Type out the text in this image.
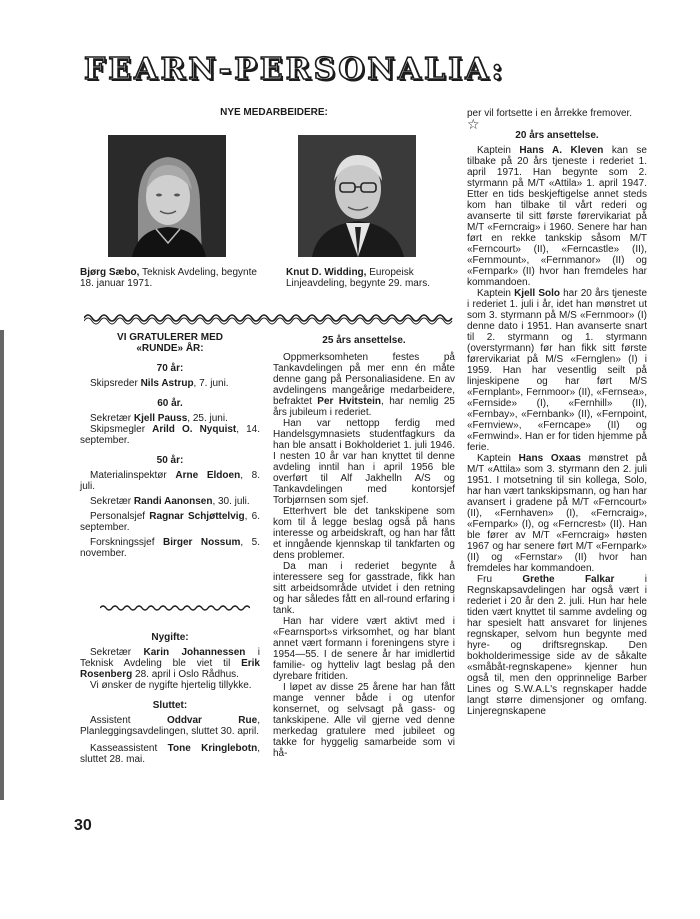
FEARN-PERSONALIA:
NYE MEDARBEIDERE:
Bjørg Sæbo, Teknisk Avdeling, begynte 18. januar 1971.
Knut D. Widding, Europeisk Linjeavdeling, begynte 29. mars.

VI GRATULERER MED

«RUNDE» ÅR:

70 år:

Skipsreder Nils Astrup, 7. juni.

60 år.

Sekretær Kjell Pauss, 25. juni.

Skipsmegler Arild O. Nyquist, 14. september.

50 år:

Materialinspektør Arne Eldoen, 8. juli.

Sekretær Randi Aanonsen, 30. juli.

Personalsjef Ragnar Schjøttelvig, 6. september.

Forskningssjef Birger Nossum, 5. november.

Nygifte:

Sekretær Karin Johannessen i Teknisk Avdeling ble viet til Erik Rosenberg 28. april i Oslo Rådhus.

Vi ønsker de nygifte hjertelig tillykke.

Sluttet:

Assistent Oddvar Rue, Planleggingsavdelingen, sluttet 30. april.

Kasseassistent Tone Kringlebotn, sluttet 28. mai.

25 års ansettelse.

Oppmerksomheten festes på Tankavdelingen på mer enn én måte denne gang på Personaliasidene. En av avdelingens mangeårige medarbeidere, befraktet Per Hvitstein, har nemlig 25 års jubileum i rederiet.

Han var nettopp ferdig med Handelsgymnasiets studentfagkurs da han ble ansatt i Bokholderiet 1. juli 1946. I nesten 10 år var han knyttet til denne avdeling inntil han i april 1956 ble overført til Alf Jakhelln A/S og Tankavdelingen med kontorsjef Torbjørnsen som sjef.

Etterhvert ble det tankskipene som kom til å legge beslag også på hans interesse og arbeidskraft, og han har fått et inngående kjennskap til tankfarten og dens problemer.

Da man i rederiet begynte å interessere seg for gasstrade, fikk han sitt arbeidsområde utvidet i den retning og har således fått en all-round erfaring i tank.

Han har videre vært aktivt med i «Fearnsport»s virksomhet, og har blant annet vært formann i foreningens styre i 1954—55. I de senere år har imidlertid familie- og hytteliv lagt beslag på den dyrebare fritiden.

I løpet av disse 25 årene har han fått mange venner både i og utenfor konsernet, og selvsagt på gass- og tankskipene. Alle vil gjerne ved denne merkedag gratulere med jubileet og takke for hyggelig samarbeide som vi hå-

per vil fortsette i en årrekke fremover.

☆

20 års ansettelse.

Kaptein Hans A. Kleven kan se tilbake på 20 års tjeneste i rederiet 1. april 1971. Han begynte som 2. styrmann på M/T «Attila» 1. april 1947. Etter en tids beskjeftigelse annet steds kom han tilbake til vårt rederi og avanserte til sitt første førervikariat på M/T «Ferncraig» i 1960. Senere har han ført en rekke tankskip såsom M/T «Ferncourt» (II), «Ferncastle» (II), «Fernmount», «Fernmanor» (II) og «Fernpark» (II) hvor han fremdeles har kommandoen.

Kaptein Kjell Solo har 20 års tjeneste i rederiet 1. juli i år, idet han mønstret ut som 3. styrmann på M/S «Fernmoor» (I) denne dato i 1951. Han avanserte snart til 2. styrmann og 1. styrmann (overstyrmann) før han fikk sitt første førervikariat på M/S «Fernglen» (I) i 1959. Han har vesentlig seilt på linjeskipene og har ført M/S «Fernplant», Fernmoor» (II), «Fernsea», «Fernside» (I), «Fernhill» (II), «Fernbay», «Fernbank» (II), «Fernpoint, «Fernview», «Ferncape» (II) og «Fernwind». Han er for tiden hjemme på ferie.

Kaptein Hans Oxaas mønstret på M/T «Attila» som 3. styrmann den 2. juli 1951. I motsetning til sin kollega, Solo, har han vært tankskipsmann, og han har avansert i gradene på M/T «Ferncourt» (II), «Fernhaven» (I), «Ferncraig», «Fernpark» (I), og «Ferncrest» (II). Han ble fører av M/T «Ferncraig» høsten 1967 og har senere ført M/T «Fernpark» (II) og «Fernstar» (II) hvor han fremdeles har kommandoen.

Fru Grethe Falkar i Regnskapsavdelingen har også vært i rederiet i 20 år den 2. juli. Hun har hele tiden vært knyttet til samme avdeling og har spesielt hatt ansvaret for linjenes regnskaper, selvom hun begynte med hyre- og driftsregnskap. Den bokholderimessige side av de såkalte «småbåt-regnskapene» kjenner hun også til, men den opprinnelige Barber Lines og S.W.A.L's regnskaper hadde langt større dimensjoner og omfang. Linjeregnskapene

30
